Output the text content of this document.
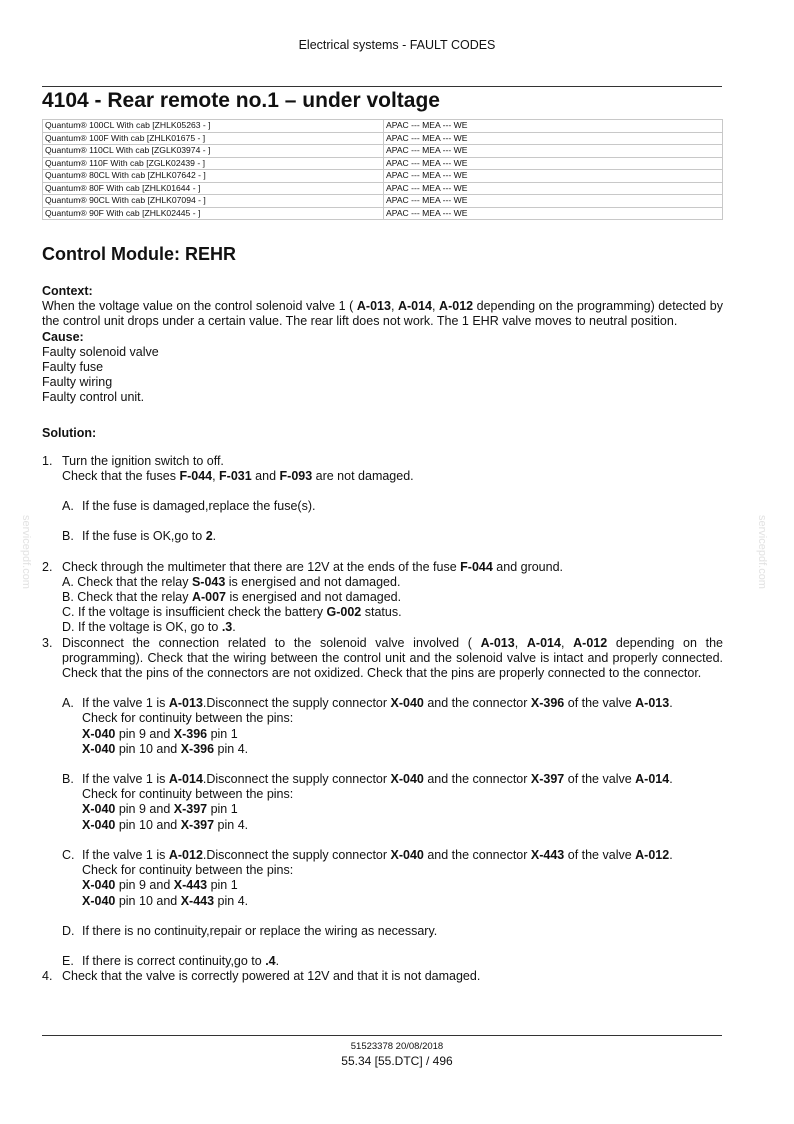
Electrical systems - FAULT CODES
4104 - Rear remote no.1 – under voltage
Quantum® 100CL With cab [ZHLK05263 - ]	APAC --- MEA --- WE
Quantum® 100F With cab [ZHLK01675 - ]	APAC --- MEA --- WE
Quantum® 110CL With cab [ZGLK03974 - ]	APAC --- MEA --- WE
Quantum® 110F With cab [ZGLK02439 - ]	APAC --- MEA --- WE
Quantum® 80CL With cab [ZHLK07642 - ]	APAC --- MEA --- WE
Quantum® 80F With cab [ZHLK01644 - ]	APAC --- MEA --- WE
Quantum® 90CL With cab [ZHLK07094 - ]	APAC --- MEA --- WE
Quantum® 90F With cab [ZHLK02445 - ]	APAC --- MEA --- WE
Control Module: REHR

Context:

When the voltage value on the control solenoid valve 1 ( A-013, A-014, A-012 depending on the programming) detected by the control unit drops under a certain value. The rear lift does not work. The 1 EHR valve moves to neutral position.

Cause:

Faulty solenoid valve

Faulty fuse

Faulty wiring

Faulty control unit.

Solution:

1. Turn the ignition switch to off.

Check that the fuses F-044, F-031 and F-093 are not damaged.

A. If the fuse is damaged,replace the fuse(s).
B. If the fuse is OK,go to 2.
2. Check through the multimeter that there are 12V at the ends of the fuse F-044 and ground.

A. Check that the relay S-043 is energised and not damaged.

B. Check that the relay A-007 is energised and not damaged.

C. If the voltage is insufficient check the battery G-002 status.

D. If the voltage is OK, go to .3.

3. Disconnect the connection related to the solenoid valve involved ( A-013, A-014, A-012 depending on the programming). Check that the wiring between the control unit and the solenoid valve is intact and properly connected. Check that the pins of the connectors are not oxidized. Check that the pins are properly connected to the connector.

A. If the valve 1 is A-013.Disconnect the supply connector X-040 and the connector X-396 of the valve A-013.

Check for continuity between the pins:

X-040 pin 9 and X-396 pin 1

X-040 pin 10 and X-396 pin 4.

B. If the valve 1 is A-014.Disconnect the supply connector X-040 and the connector X-397 of the valve A-014.

Check for continuity between the pins:

X-040 pin 9 and X-397 pin 1

X-040 pin 10 and X-397 pin 4.

C. If the valve 1 is A-012.Disconnect the supply connector X-040 and the connector X-443 of the valve A-012.

Check for continuity between the pins:

X-040 pin 9 and X-443 pin 1

X-040 pin 10 and X-443 pin 4.

D. If there is no continuity,repair or replace the wiring as necessary.
E. If there is correct continuity,go to .4.
4. Check that the valve is correctly powered at 12V and that it is not damaged.

servicepdf.com	servicepdf.com
51523378 20/08/2018
55.34 [55.DTC] / 496
